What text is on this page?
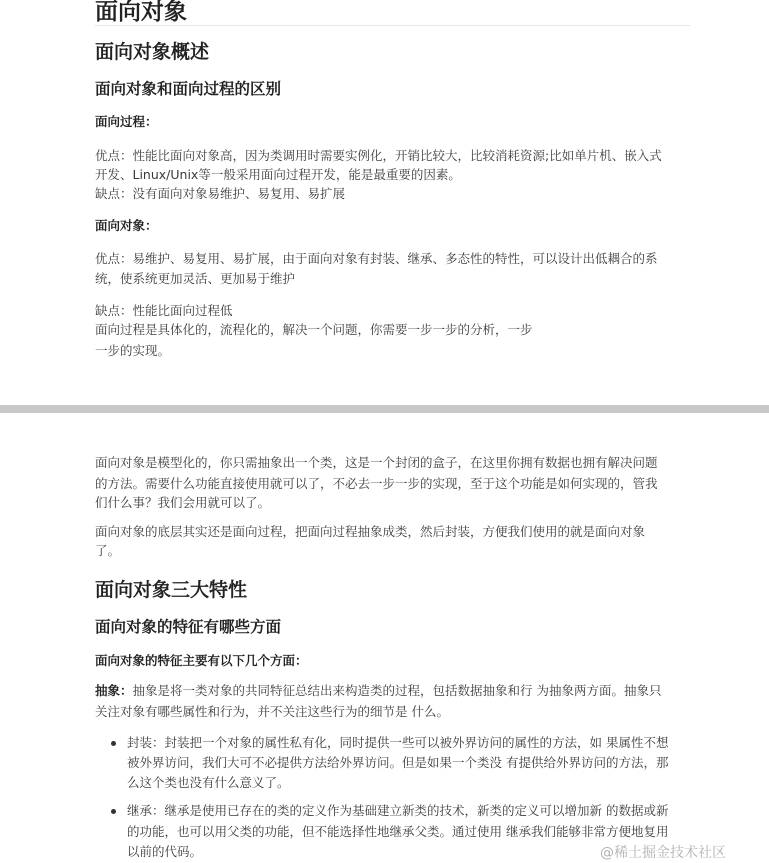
面向对象
面向对象概述
面向对象和面向过程的区别
面向过程：
优点：性能比面向对象高，因为类调用时需要实例化，开销比较大，比较消耗资源;比如单片机、嵌入式
开发、Linux/Unix等一般采用面向过程开发，能是最重要的因素。
缺点：没有面向对象易维护、易复用、易扩展
面向对象：
优点：易维护、易复用、易扩展，由于面向对象有封装、继承、多态性的特性，可以设计出低耦合的系
统，使系统更加灵活、更加易于维护
缺点：性能比面向过程低
面向过程是具体化的，流程化的，解决一个问题，你需要一步一步的分析，一步
一步的实现。
面向对象是模型化的，你只需抽象出一个类，这是一个封闭的盒子，在这里你拥有数据也拥有解决问题
的方法。需要什么功能直接使用就可以了，不必去一步一步的实现，至于这个功能是如何实现的，管我
们什么事？我们会用就可以了。
面向对象的底层其实还是面向过程，把面向过程抽象成类，然后封装，方便我们使用的就是面向对象
了。
面向对象三大特性
面向对象的特征有哪些方面
面向对象的特征主要有以下几个方面：
抽象：抽象是将一类对象的共同特征总结出来构造类的过程，包括数据抽象和行 为抽象两方面。抽象只
关注对象有哪些属性和行为，并不关注这些行为的细节是 什么。
封装：封装把一个对象的属性私有化，同时提供一些可以被外界访问的属性的方法，如 果属性不想
被外界访问，我们大可不必提供方法给外界访问。但是如果一个类没 有提供给外界访问的方法，那
么这个类也没有什么意义了。
继承：继承是使用已存在的类的定义作为基础建立新类的技术，新类的定义可以增加新 的数据或新
的功能，也可以用父类的功能，但不能选择性地继承父类。通过使用 继承我们能够非常方便地复用
以前的代码。	@稀土掘金技术社区
